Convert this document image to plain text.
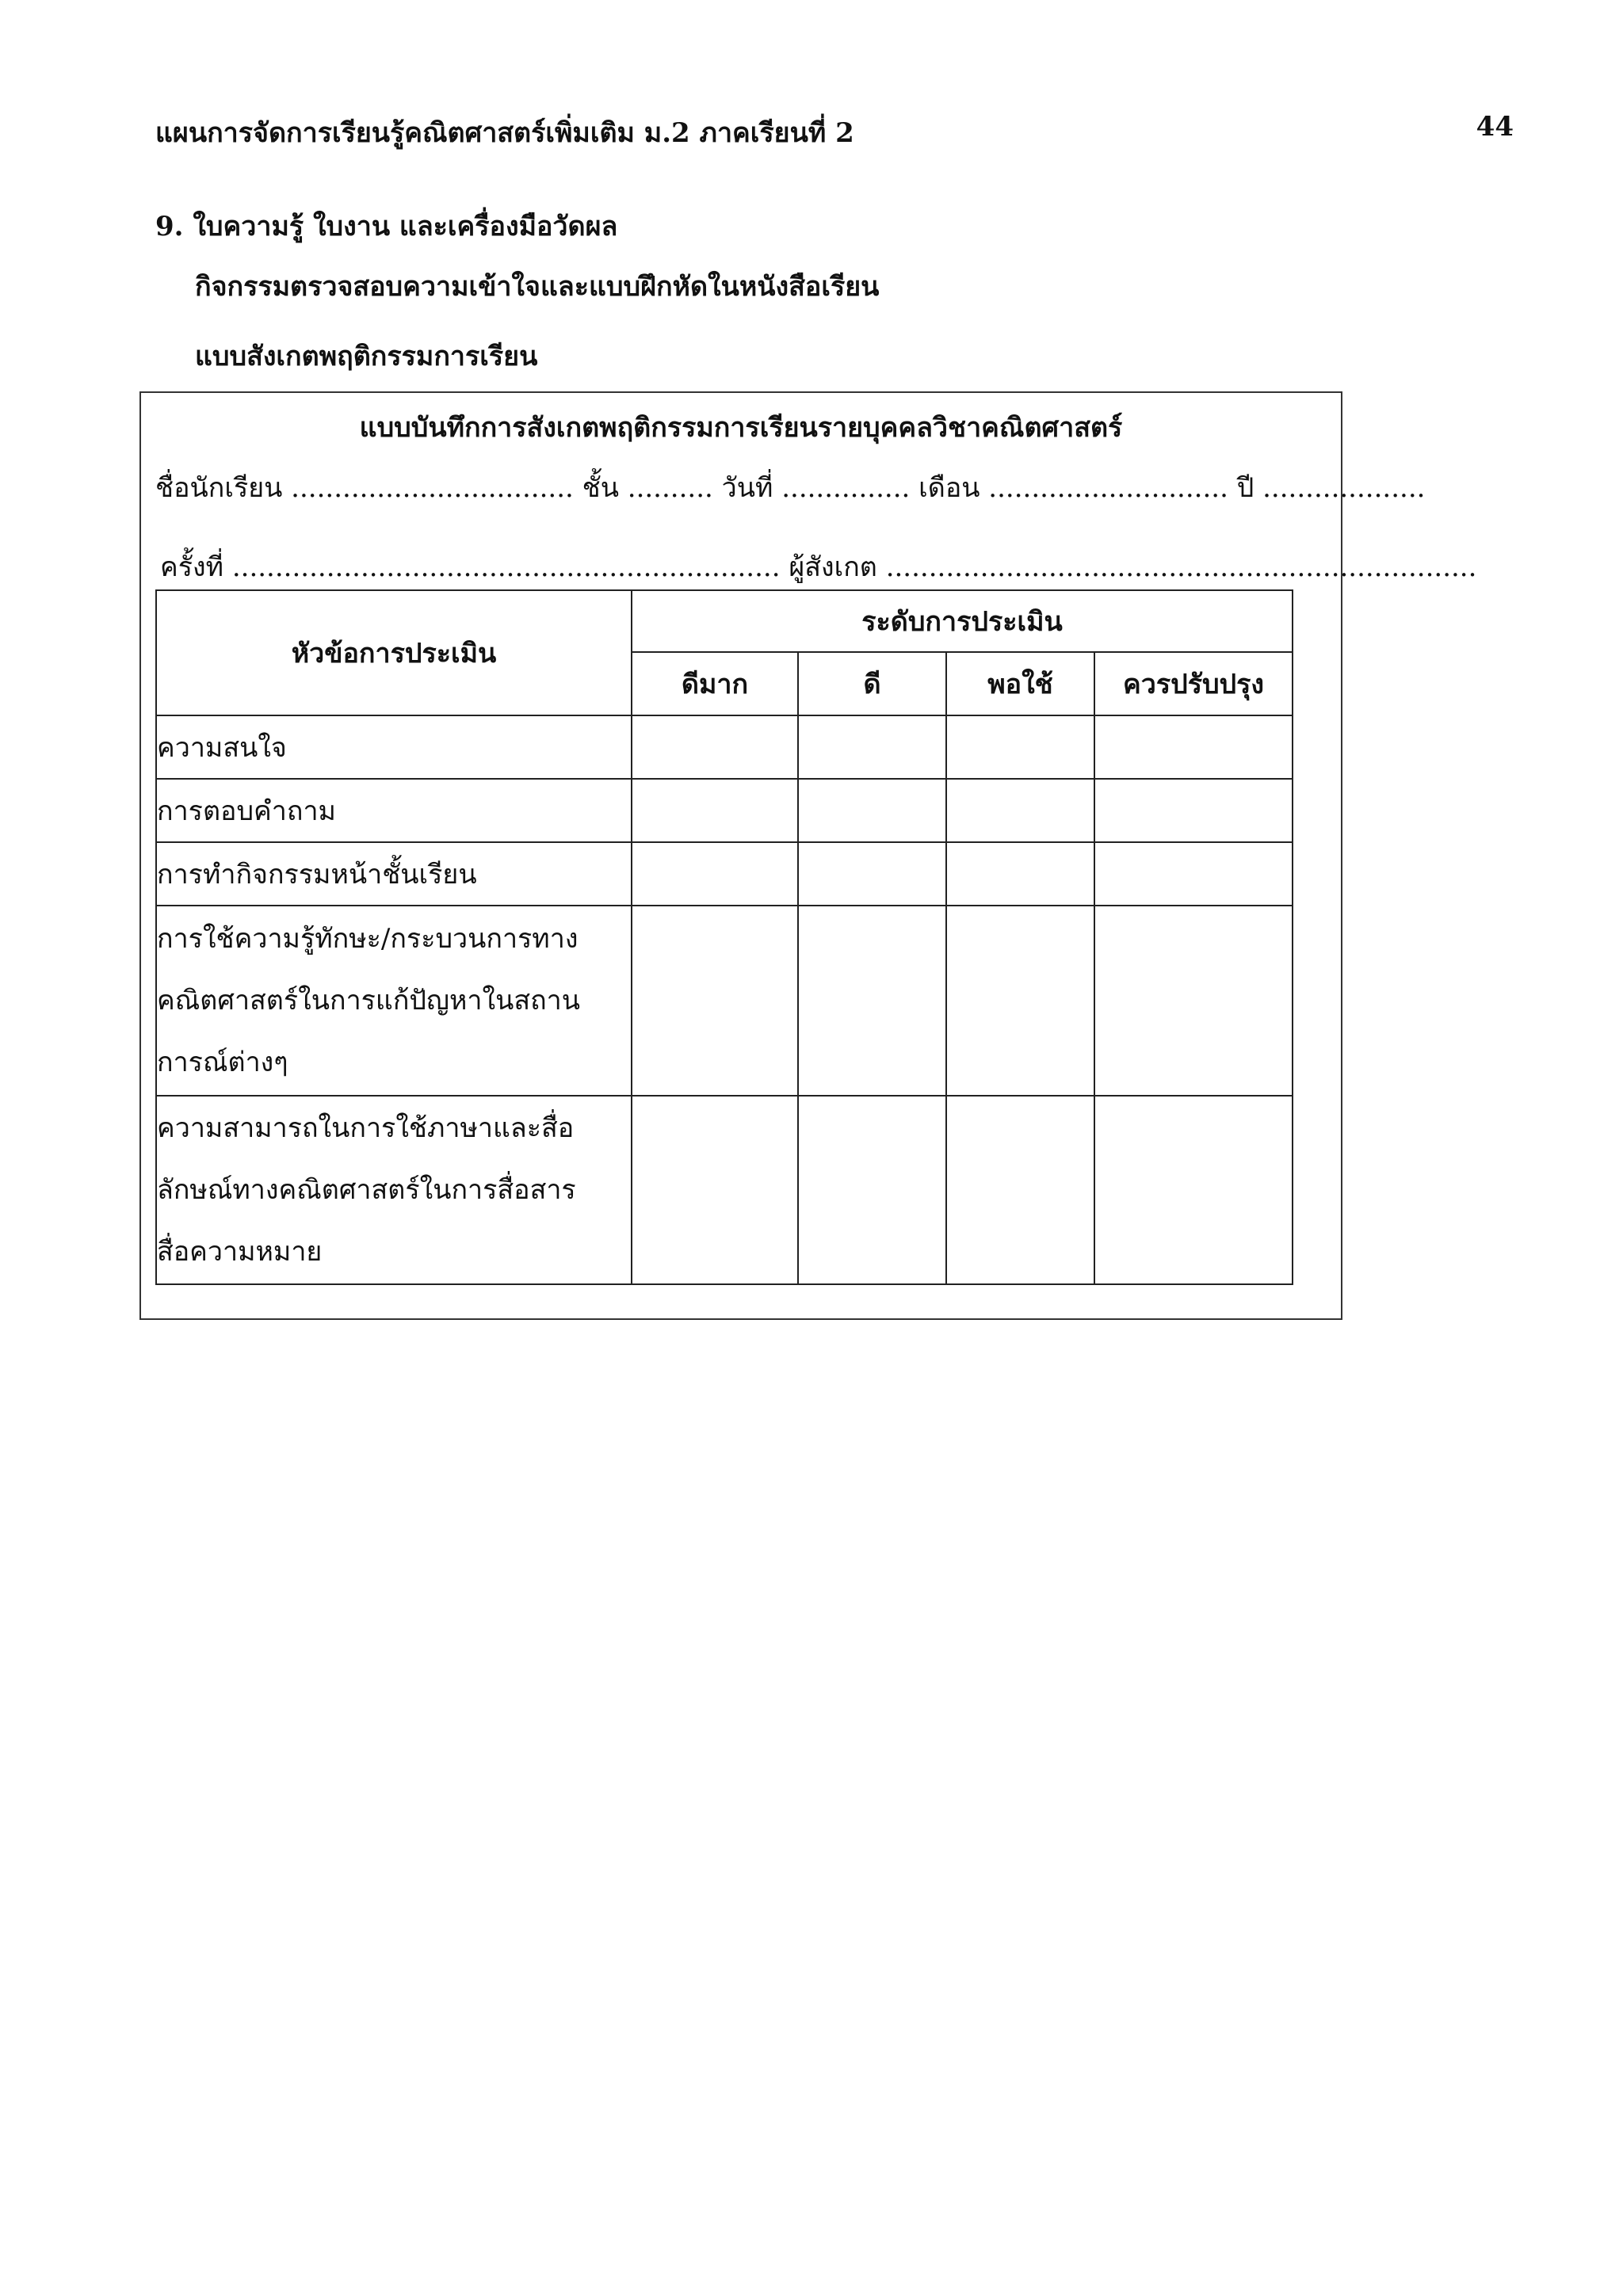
แผนการจัดการเรียนรู้คณิตศาสตร์เพิ่มเติม ม.2 ภาคเรียนที่ 2	44
9. ใบความรู้ ใบงาน และเครื่องมือวัดผล
กิจกรรมตรวจสอบความเข้าใจและแบบฝึกหัดในหนังสือเรียน
แบบสังเกตพฤติกรรมการเรียน
แบบบันทึกการสังเกตพฤติกรรมการเรียนรายบุคคลวิชาคณิตศาสตร์
ชื่อนักเรียน ................................. ชั้น .......... วันที่ ............... เดือน ............................ ปี ...................
ครั้งที่ ................................................................ ผู้สังเกต .....................................................................
หัวข้อการประเมิน	ระดับการประเมิน			
	ดีมาก	ดี	พอใช้	ควรปรับปรุง
ความสนใจ				
การตอบคำถาม				
การทำกิจกรรมหน้าชั้นเรียน				

การใช้ความรู้ทักษะ/กระบวนการทาง
คณิตศาสตร์ในการแก้ปัญหาในสถาน
การณ์ต่างๆ				

ความสามารถในการใช้ภาษาและสื่อ
ลักษณ์ทางคณิตศาสตร์ในการสื่อสาร
สื่อความหมาย				
